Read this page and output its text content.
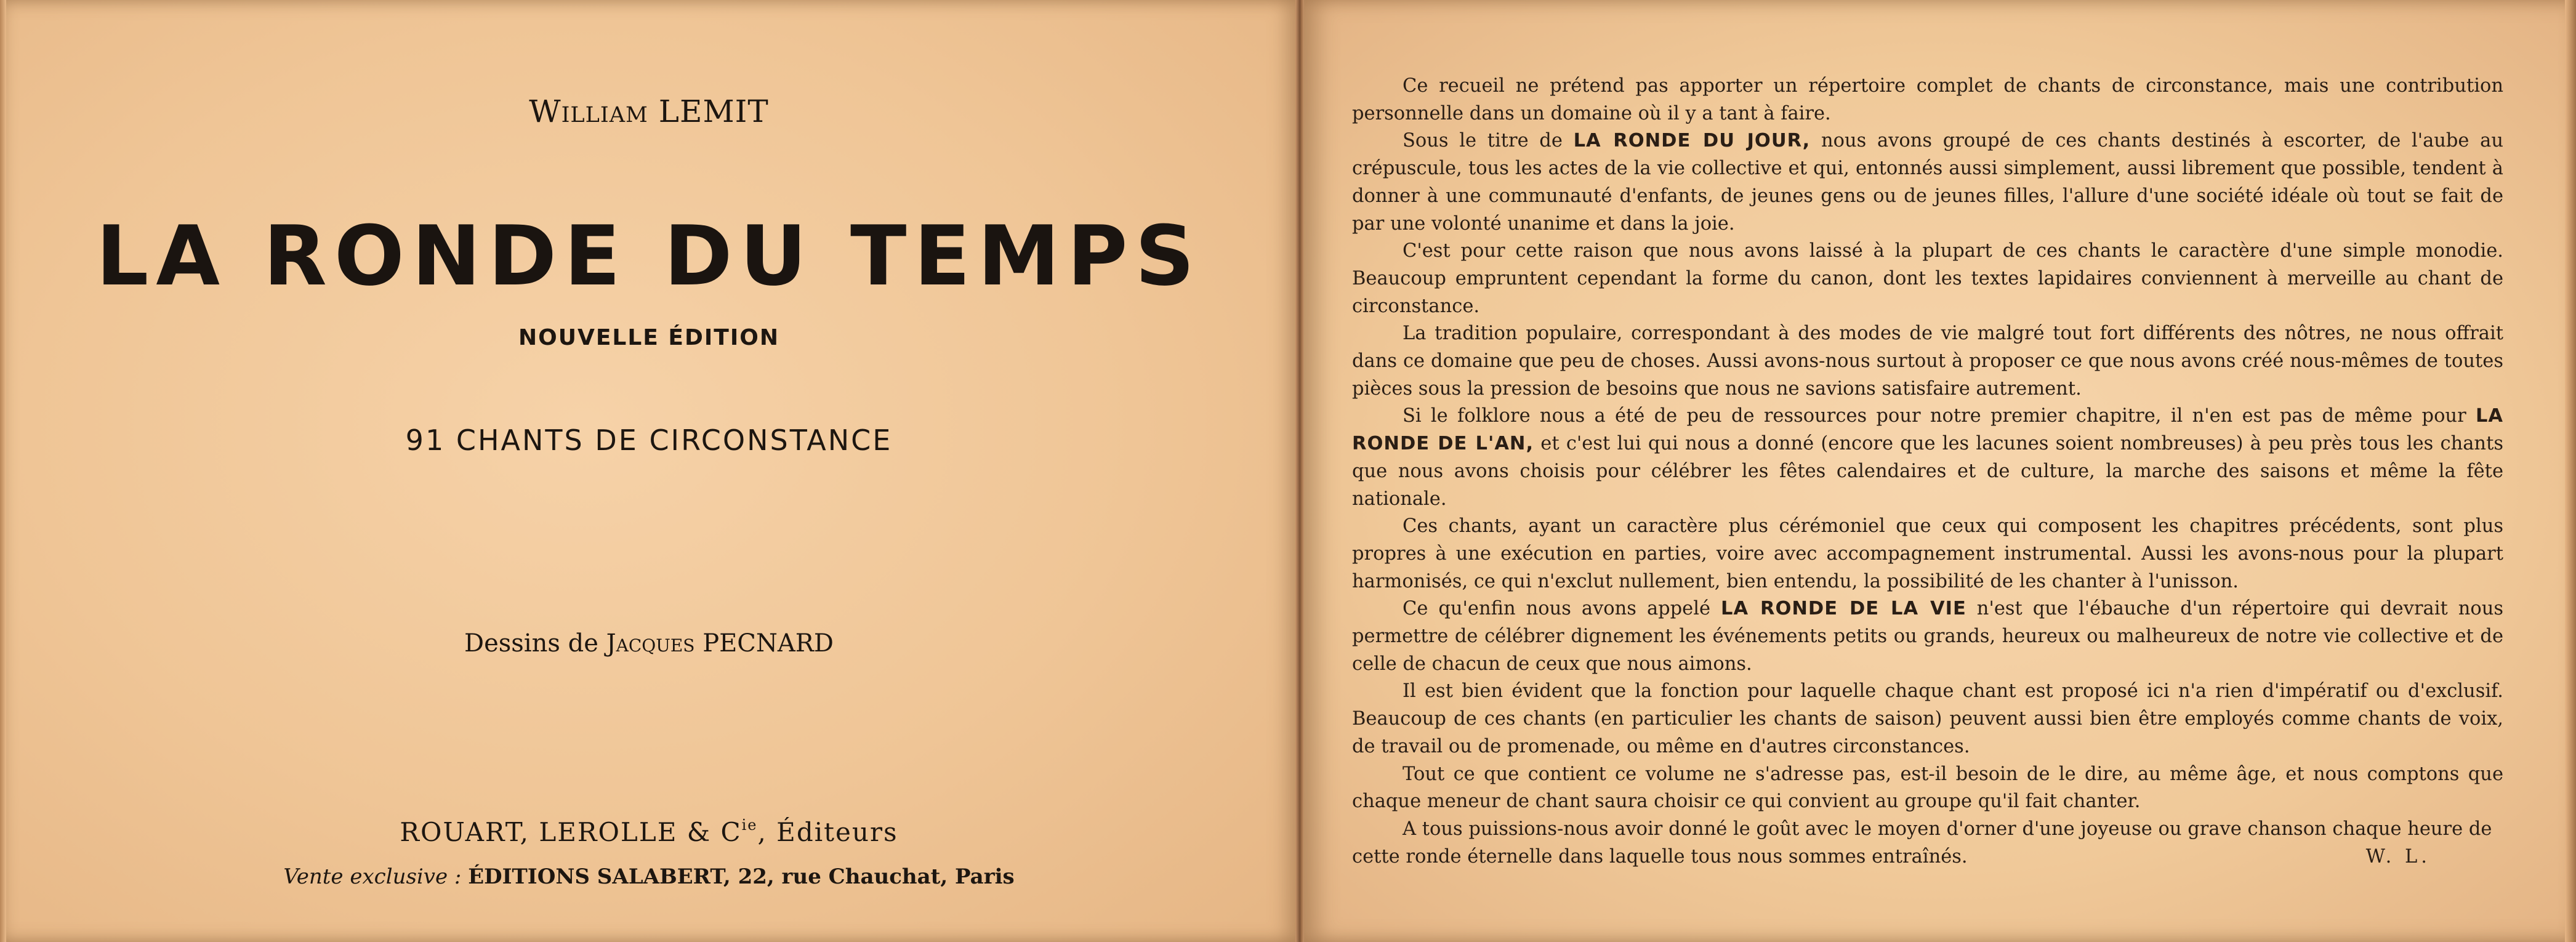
William LEMIT
LA RONDE DU TEMPS
NOUVELLE ÉDITION
91 CHANTS DE CIRCONSTANCE
Dessins de Jacques PECNARD
ROUART, LEROLLE & $C^{ie}$, Éditeurs
Vente exclusive : ÉDITIONS SALABERT, 22, rue Chauchat, Paris

Ce recueil ne prétend pas apporter un répertoire complet de chants de circonstance, mais une contribution personnelle dans un domaine où il y a tant à faire.

Sous le titre de LA RONDE DU JOUR, nous avons groupé de ces chants destinés à escorter, de l'aube au crépuscule, tous les actes de la vie collective et qui, entonnés aussi simplement, aussi librement que possible, tendent à donner à une communauté d'enfants, de jeunes gens ou de jeunes filles, l'allure d'une société idéale où tout se fait de par une volonté unanime et dans la joie.

C'est pour cette raison que nous avons laissé à la plupart de ces chants le caractère d'une simple monodie. Beaucoup empruntent cependant la forme du canon, dont les textes lapidaires conviennent à merveille au chant de circonstance.

La tradition populaire, correspondant à des modes de vie malgré tout fort différents des nôtres, ne nous offrait dans ce domaine que peu de choses. Aussi avons-nous surtout à proposer ce que nous avons créé nous-mêmes de toutes pièces sous la pression de besoins que nous ne savions satisfaire autrement.

Si le folklore nous a été de peu de ressources pour notre premier chapitre, il n'en est pas de même pour LA RONDE DE L'AN, et c'est lui qui nous a donné (encore que les lacunes soient nombreuses) à peu près tous les chants que nous avons choisis pour célébrer les fêtes calendaires et de culture, la marche des saisons et même la fête nationale.

Ces chants, ayant un caractère plus cérémoniel que ceux qui composent les chapitres précédents, sont plus propres à une exécution en parties, voire avec accompagnement instrumental. Aussi les avons-nous pour la plupart harmonisés, ce qui n'exclut nullement, bien entendu, la possibilité de les chanter à l'unisson.

Ce qu'enfin nous avons appelé LA RONDE DE LA VIE n'est que l'ébauche d'un répertoire qui devrait nous permettre de célébrer dignement les événements petits ou grands, heureux ou malheureux de notre vie collective et de celle de chacun de ceux que nous aimons.

Il est bien évident que la fonction pour laquelle chaque chant est proposé ici n'a rien d'impératif ou d'exclusif. Beaucoup de ces chants (en particulier les chants de saison) peuvent aussi bien être employés comme chants de voix, de travail ou de promenade, ou même en d'autres circonstances.

Tout ce que contient ce volume ne s'adresse pas, est-il besoin de le dire, au même âge, et nous comptons que chaque meneur de chant saura choisir ce qui convient au groupe qu'il fait chanter.

A tous puissions-nous avoir donné le goût avec le moyen d'orner d'une joyeuse ou grave chanson chaque heure de cette ronde éternelle dans laquelle tous nous sommes entraînés.	W. L.
